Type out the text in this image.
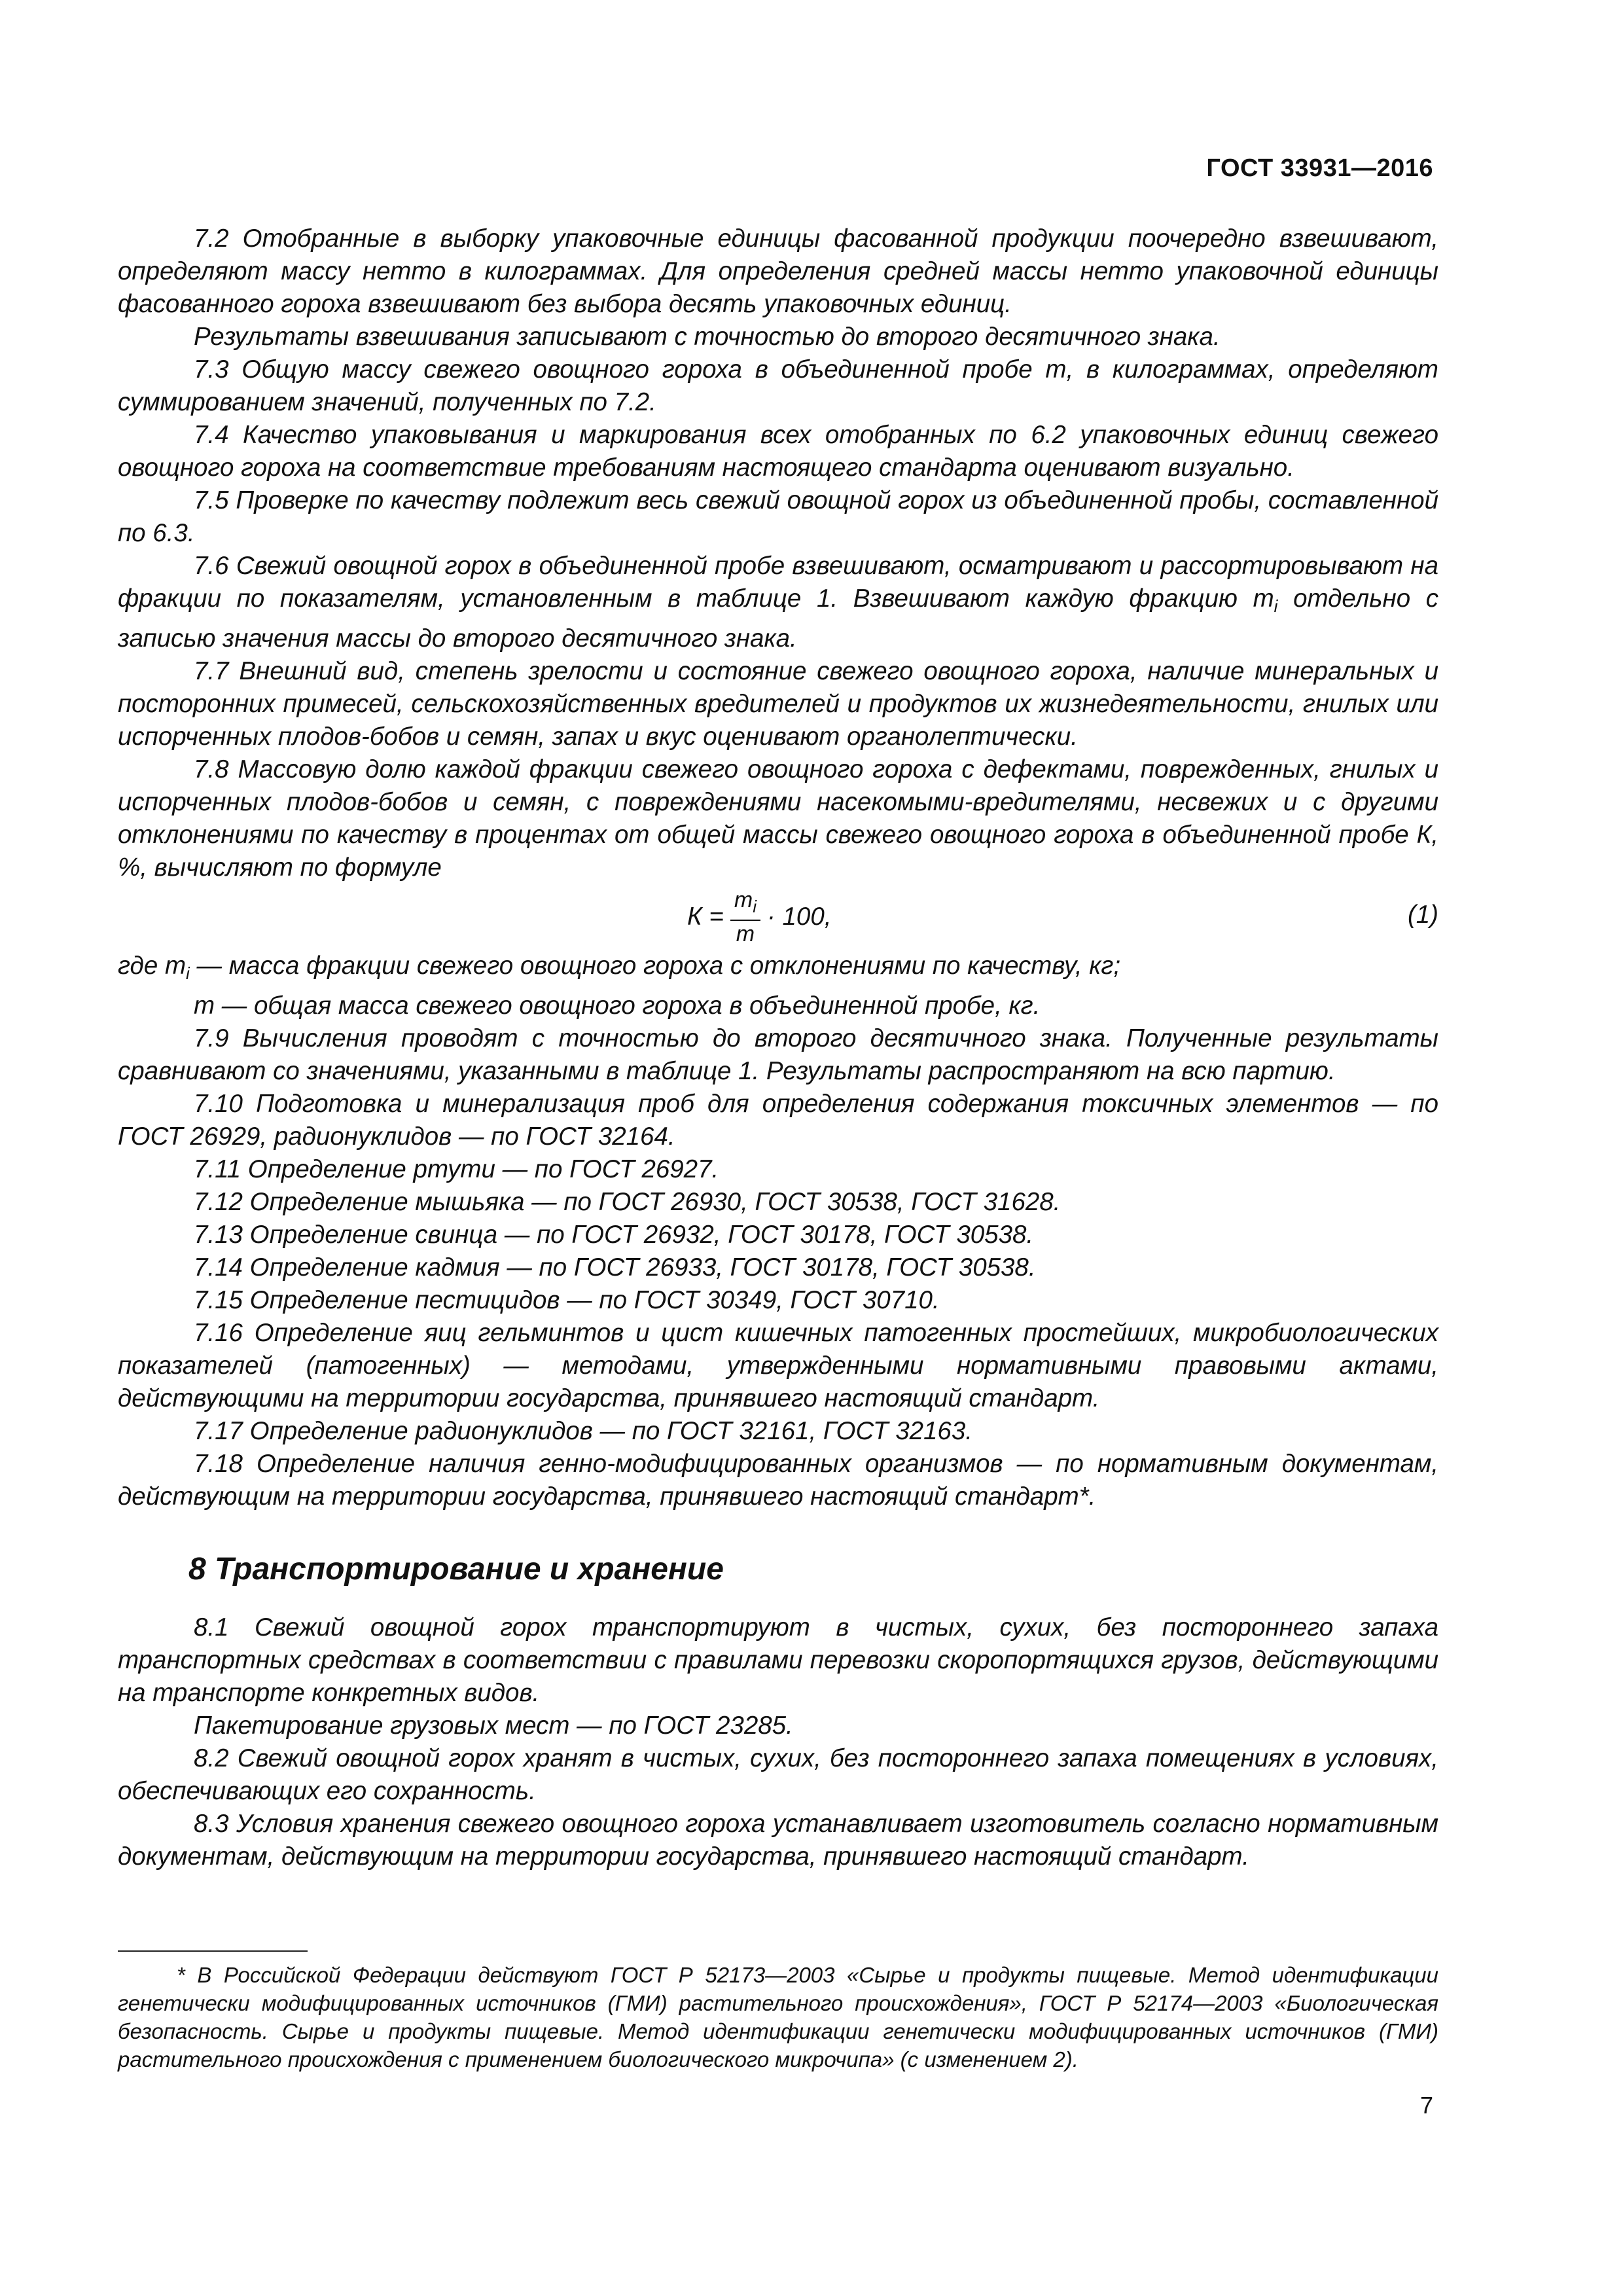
ГОСТ 33931—2016

7.2 Отобранные в выборку упаковочные единицы фасованной продукции поочередно взвешивают, определяют массу нетто в килограммах. Для определения средней массы нетто упаковочной единицы фасованного гороха взвешивают без выбора десять упаковочных единиц.

Результаты взвешивания записывают с точностью до второго десятичного знака.

7.3 Общую массу свежего овощного гороха в объединенной пробе m, в килограммах, определяют суммированием значений, полученных по 7.2.

7.4 Качество упаковывания и маркирования всех отобранных по 6.2 упаковочных единиц свежего овощного гороха на соответствие требованиям настоящего стандарта оценивают визуально.

7.5 Проверке по качеству подлежит весь свежий овощной горох из объединенной пробы, составленной по 6.3.

7.6 Свежий овощной горох в объединенной пробе взвешивают, осматривают и рассортировывают на фракции по показателям, установленным в таблице 1. Взвешивают каждую фракцию $m_i$ отдельно с записью значения массы до второго десятичного знака.

7.7 Внешний вид, степень зрелости и состояние свежего овощного гороха, наличие минеральных и посторонних примесей, сельскохозяйственных вредителей и продуктов их жизнедеятельности, гнилых или испорченных плодов-бобов и семян, запах и вкус оценивают органолептически.

7.8 Массовую долю каждой фракции свежего овощного гороха с дефектами, поврежденных, гнилых и испорченных плодов-бобов и семян, с повреждениями насекомыми-вредителями, несвежих и с другими отклонениями по качеству в процентах от общей массы свежего овощного гороха в объединенной пробе К, %, вычисляют по формуле

$К = \frac{m_i}{m} \cdot 100$,	(1)

где $m_i$ — масса фракции свежего овощного гороха с отклонениями по качеству, кг;

m — общая масса свежего овощного гороха в объединенной пробе, кг.

7.9 Вычисления проводят с точностью до второго десятичного знака. Полученные результаты сравнивают со значениями, указанными в таблице 1. Результаты распространяют на всю партию.

7.10 Подготовка и минерализация проб для определения содержания токсичных элементов — по ГОСТ 26929, радионуклидов — по ГОСТ 32164.

7.11 Определение ртути — по ГОСТ 26927.

7.12 Определение мышьяка — по ГОСТ 26930, ГОСТ 30538, ГОСТ 31628.

7.13 Определение свинца — по ГОСТ 26932, ГОСТ 30178, ГОСТ 30538.

7.14 Определение кадмия — по ГОСТ 26933, ГОСТ 30178, ГОСТ 30538.

7.15 Определение пестицидов — по ГОСТ 30349, ГОСТ 30710.

7.16 Определение яиц гельминтов и цист кишечных патогенных простейших, микробиологических показателей (патогенных) — методами, утвержденными нормативными правовыми актами, действующими на территории государства, принявшего настоящий стандарт.

7.17 Определение радионуклидов — по ГОСТ 32161, ГОСТ 32163.

7.18 Определение наличия генно-модифицированных организмов — по нормативным документам, действующим на территории государства, принявшего настоящий стандарт*.

8 Транспортирование и хранение

8.1 Свежий овощной горох транспортируют в чистых, сухих, без постороннего запаха транспортных средствах в соответствии с правилами перевозки скоропортящихся грузов, действующими на транспорте конкретных видов.

Пакетирование грузовых мест — по ГОСТ 23285.

8.2 Свежий овощной горох хранят в чистых, сухих, без постороннего запаха помещениях в условиях, обеспечивающих его сохранность.

8.3 Условия хранения свежего овощного гороха устанавливает изготовитель согласно нормативным документам, действующим на территории государства, принявшего настоящий стандарт.

* В Российской Федерации действуют ГОСТ Р 52173—2003 «Сырье и продукты пищевые. Метод идентификации генетически модифицированных источников (ГМИ) растительного происхождения», ГОСТ Р 52174—2003 «Биологическая безопасность. Сырье и продукты пищевые. Метод идентификации генетически модифицированных источников (ГМИ) растительного происхождения с применением биологического микрочипа» (с изменением 2).

7
